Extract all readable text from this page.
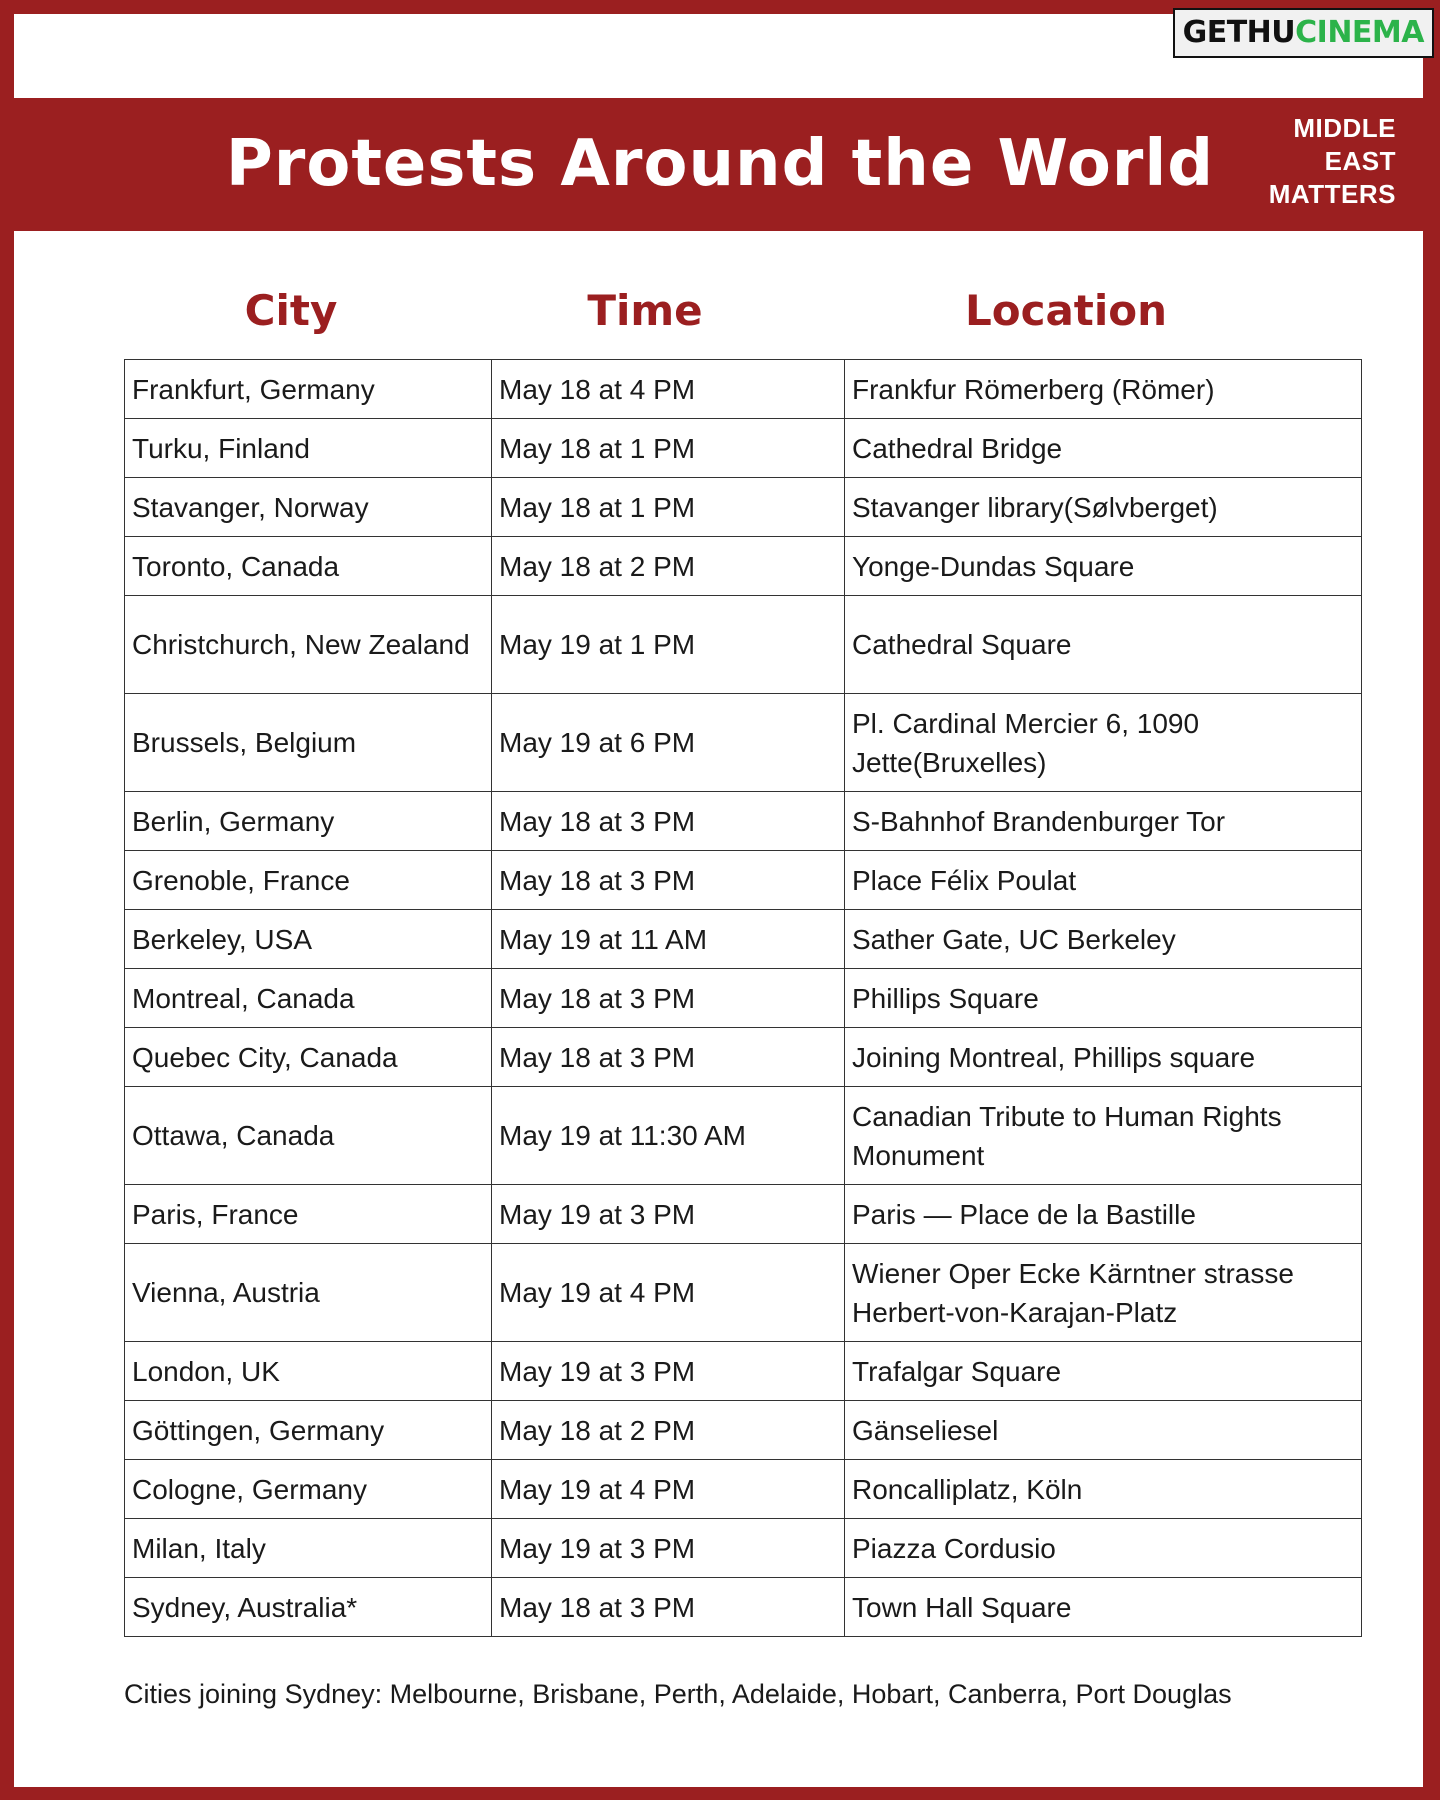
GETHU CINEMA
Protests Around the World	MIDDLE
EAST
MATTERS
City	Time	Location
Frankfurt, Germany	May 18 at 4 PM	Frankfur Römerberg (Römer)
Turku, Finland	May 18 at 1 PM	Cathedral Bridge
Stavanger, Norway	May 18 at 1 PM	Stavanger library(Sølvberget)
Toronto, Canada	May 18 at 2 PM	Yonge-Dundas Square
Christchurch, New Zealand	May 19 at 1 PM	Cathedral Square
Brussels, Belgium	May 19 at 6 PM	Pl. Cardinal Mercier 6, 1090 Jette(Bruxelles)
Berlin, Germany	May 18 at 3 PM	S-Bahnhof Brandenburger Tor
Grenoble, France	May 18 at 3 PM	Place Félix Poulat
Berkeley, USA	May 19 at 11 AM	Sather Gate, UC Berkeley
Montreal, Canada	May 18 at 3 PM	Phillips Square
Quebec City, Canada	May 18 at 3 PM	Joining Montreal, Phillips square
Ottawa, Canada	May 19 at 11:30 AM	Canadian Tribute to Human Rights Monument
Paris, France	May 19 at 3 PM	Paris — Place de la Bastille
Vienna, Austria	May 19 at 4 PM	Wiener Oper Ecke Kärntner strasse Herbert-von-Karajan-Platz
London, UK	May 19 at 3 PM	Trafalgar Square
Göttingen, Germany	May 18 at 2 PM	Gänseliesel
Cologne, Germany	May 19 at 4 PM	Roncalliplatz, Köln
Milan, Italy	May 19 at 3 PM	Piazza Cordusio
Sydney, Australia*	May 18 at 3 PM	Town Hall Square
Cities joining Sydney: Melbourne, Brisbane, Perth, Adelaide, Hobart, Canberra, Port Douglas
